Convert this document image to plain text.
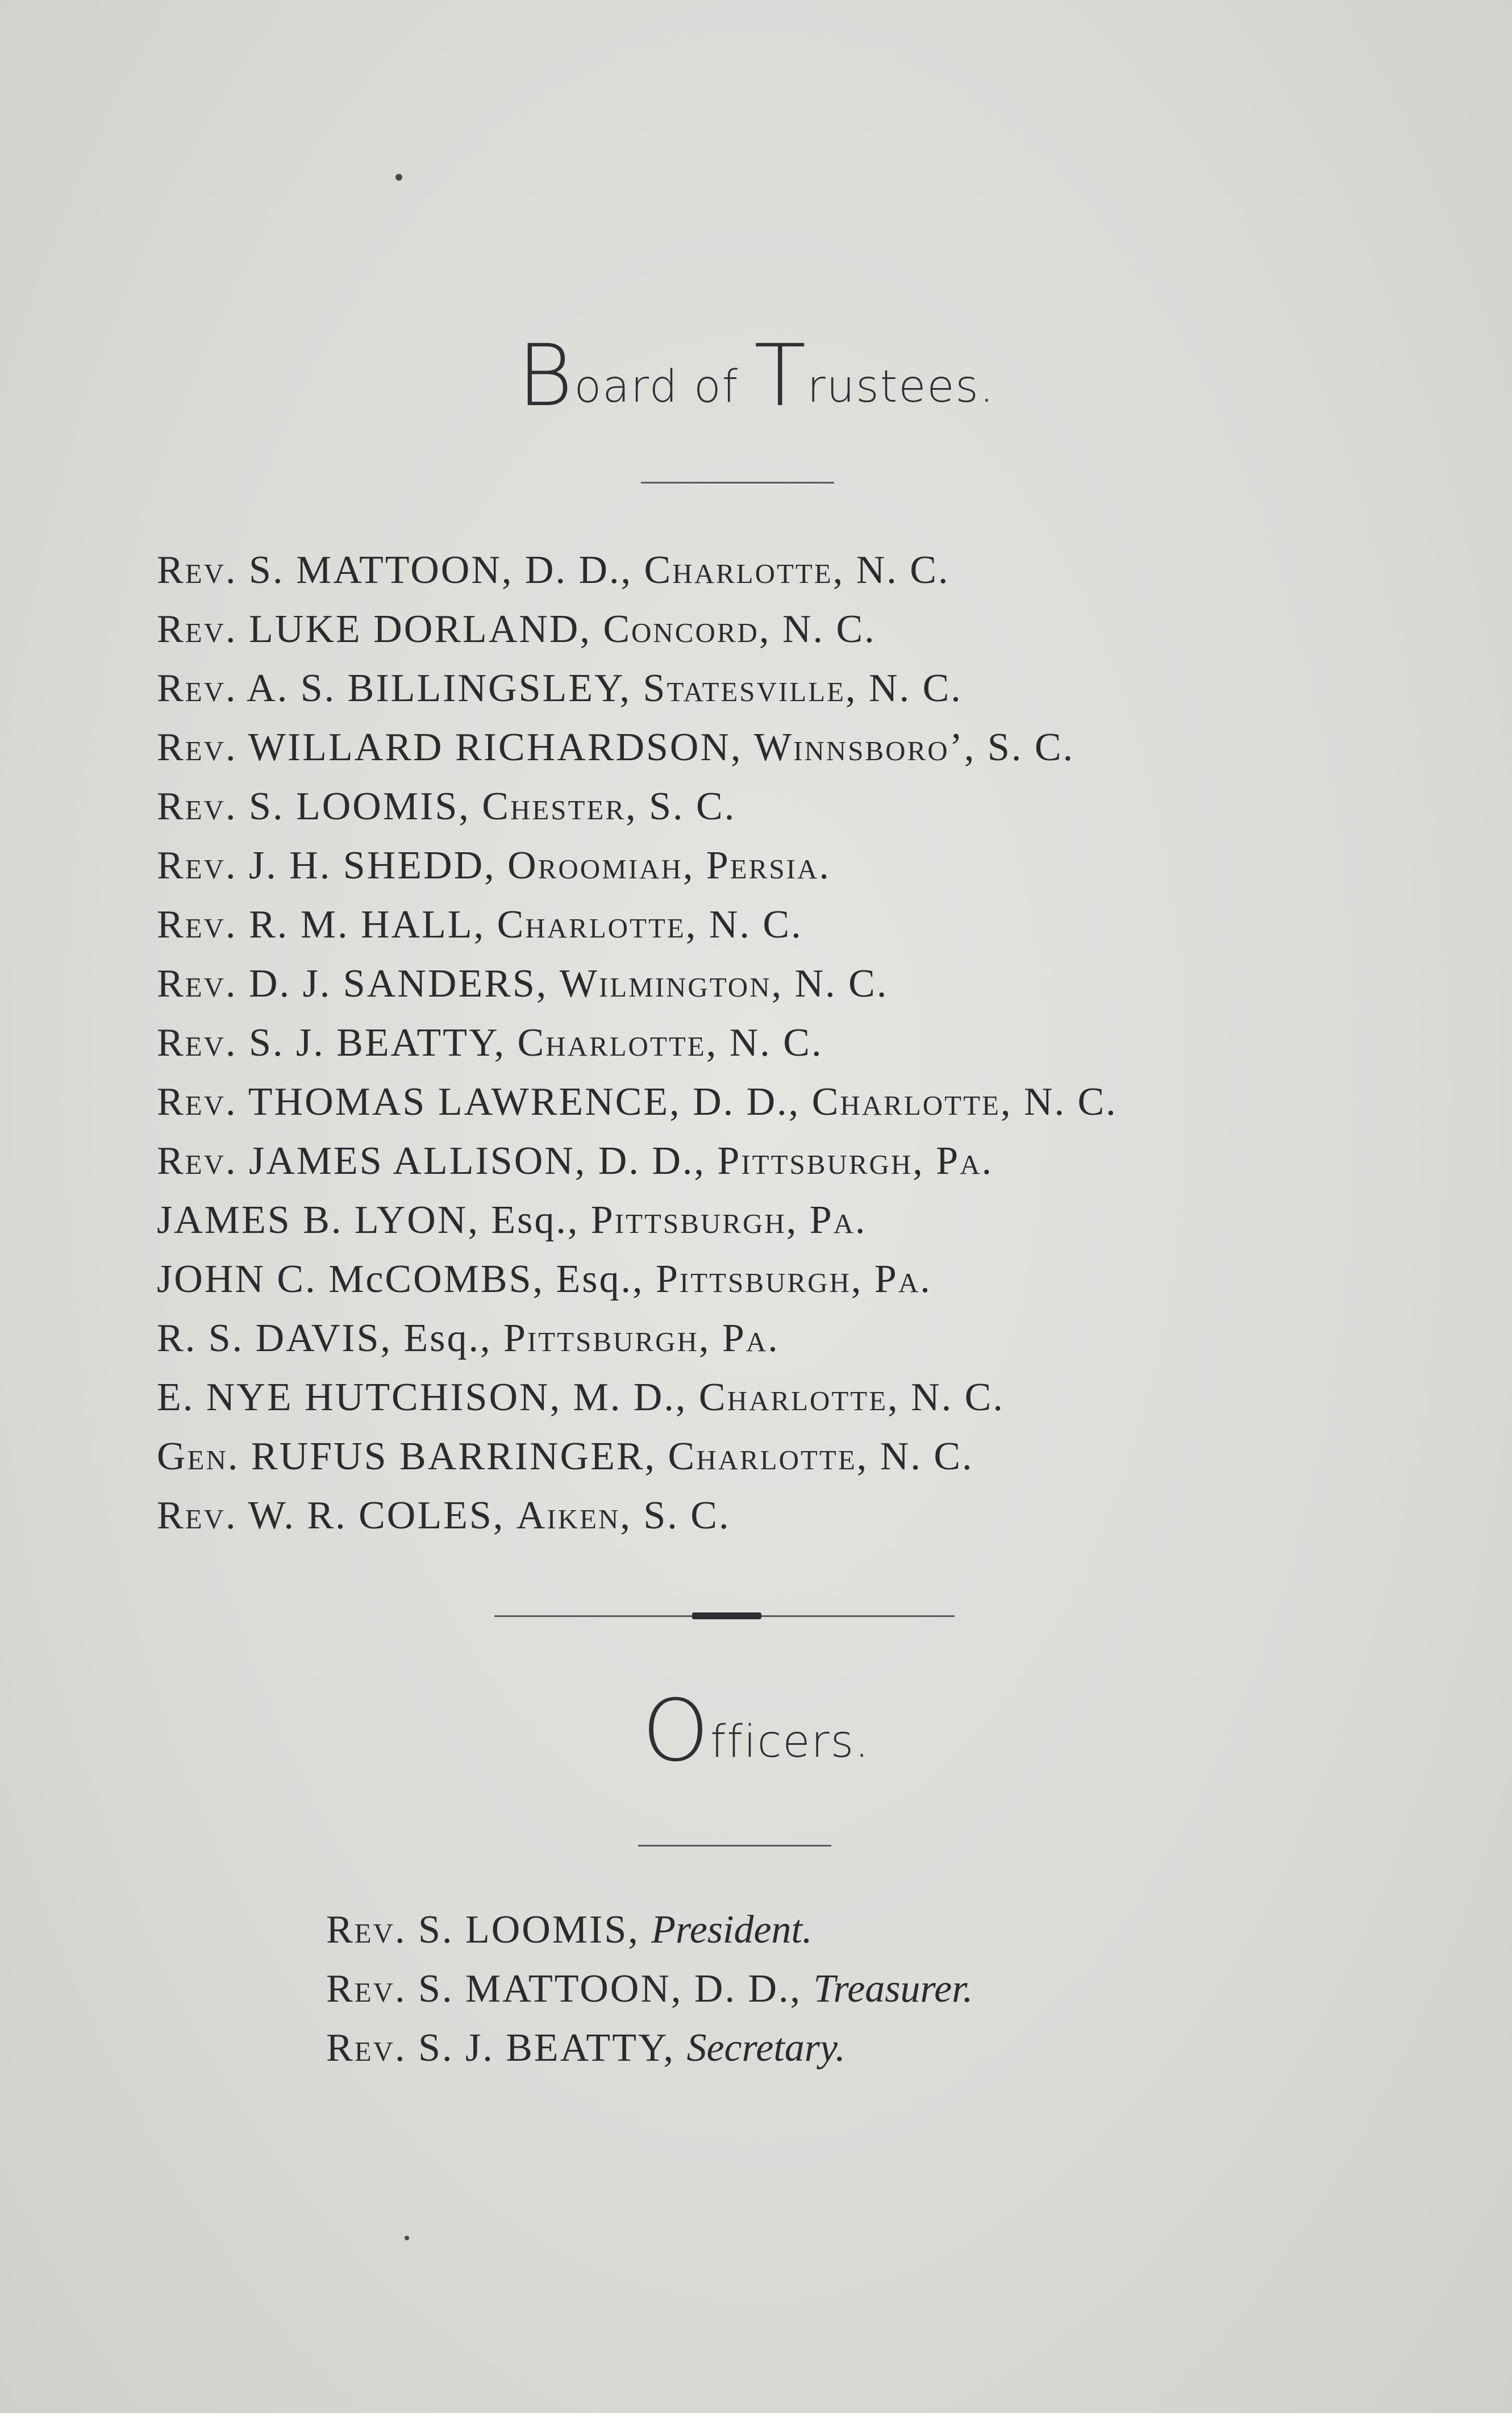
Board of Trustees.
Rev. S. MATTOON, D. D., Charlotte, N. C.
Rev. LUKE DORLAND, Concord, N. C.
Rev. A. S. BILLINGSLEY, Statesville, N. C.
Rev. WILLARD RICHARDSON, Winnsboro’, S. C.
Rev. S. LOOMIS, Chester, S. C.
Rev. J. H. SHEDD, Oroomiah, Persia.
Rev. R. M. HALL, Charlotte, N. C.
Rev. D. J. SANDERS, Wilmington, N. C.
Rev. S. J. BEATTY, Charlotte, N. C.
Rev. THOMAS LAWRENCE, D. D., Charlotte, N. C.
Rev. JAMES ALLISON, D. D., Pittsburgh, Pa.
JAMES B. LYON, Esq., Pittsburgh, Pa.
JOHN C. McCOMBS, Esq., Pittsburgh, Pa.
R. S. DAVIS, Esq., Pittsburgh, Pa.
E. NYE HUTCHISON, M. D., Charlotte, N. C.
Gen. RUFUS BARRINGER, Charlotte, N. C.
Rev. W. R. COLES, Aiken, S. C.
Officers.
Rev. S. LOOMIS, President.
Rev. S. MATTOON, D. D., Treasurer.
Rev. S. J. BEATTY, Secretary.
